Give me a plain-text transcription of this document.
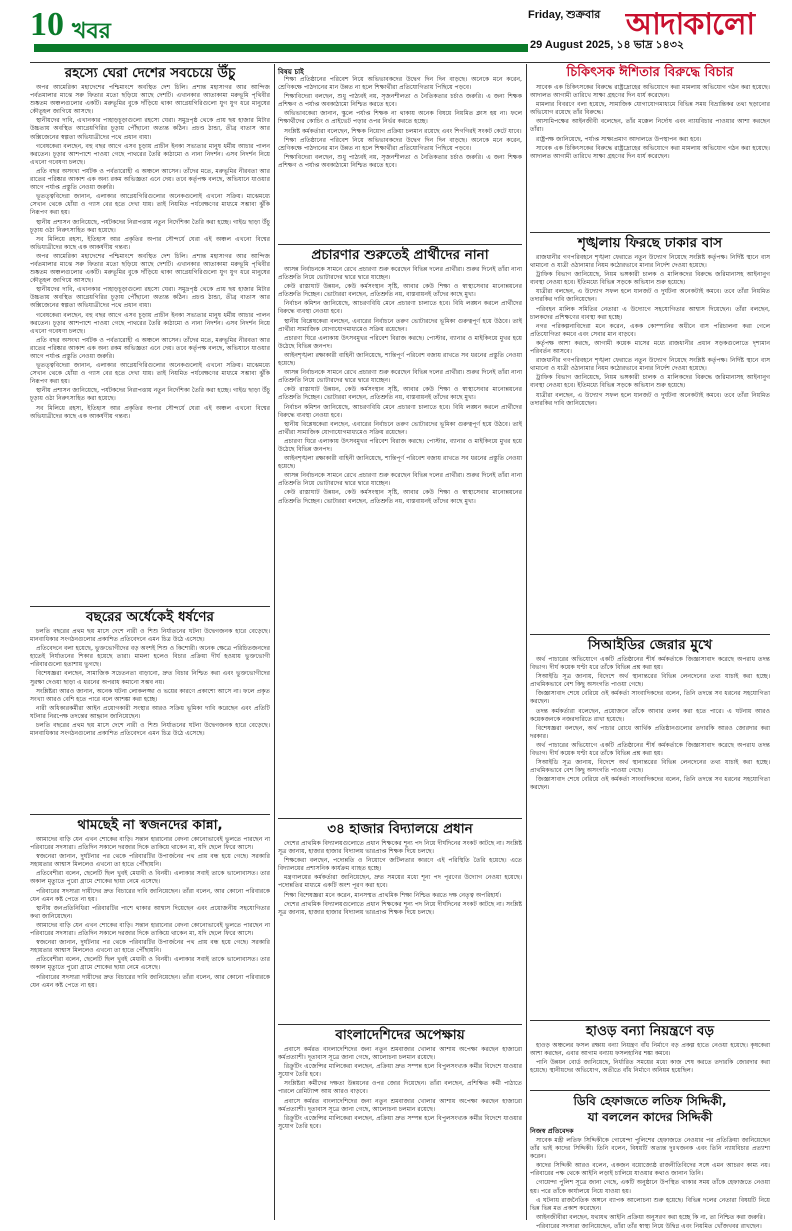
10 খবর
Friday, শুক্রবার
29 August 2025, ১৪ ভাদ্র ১৪৩২
আদাকালো
রহস্যে ঘেরা দেশের সবচেয়ে উঁচু

অপর আমেরিকা মহাদেশের পশ্চিমাংশে অবস্থিত দেশ চিলি। প্রশান্ত মহাসাগর আর আন্দিজ পর্বতমালার মাঝে সরু ফিতার মতো ছড়িয়ে আছে দেশটি। এখানকার আতাকামা মরুভূমি পৃথিবীর শুষ্কতম অঞ্চলগুলোর একটি। মরুভূমির বুকে দাঁড়িয়ে থাকা আগ্নেয়গিরিগুলো যুগ যুগ ধরে মানুষের কৌতূহল জাগিয়ে আসছে।

স্থানীয়দের দাবি, এখানকার পাহাড়চূড়াগুলো রহস্যে ঘেরা। সমুদ্রপৃষ্ঠ থেকে প্রায় ছয় হাজার মিটার উচ্চতায় অবস্থিত আগ্নেয়গিরির চূড়ায় পৌঁছানো অত্যন্ত কঠিন। প্রচণ্ড ঠান্ডা, তীব্র বাতাস আর অক্সিজেনের স্বল্পতা অভিযাত্রীদের পথে প্রধান বাধা।

গবেষকেরা বলছেন, বহু বছর আগে এসব চূড়ায় প্রাচীন ইনকা সভ্যতার মানুষ ধর্মীয় আচার পালন করতেন। চূড়ার আশপাশে পাওয়া গেছে পাথরের তৈরি কাঠামো ও নানা নিদর্শন। এসব নিদর্শন নিয়ে এখনো গবেষণা চলছে।

প্রতি বছর অসংখ্য পর্যটক ও পর্বতারোহী এ অঞ্চলে আসেন। তাঁদের মতে, মরুভূমির নীরবতা আর রাতের পরিষ্কার আকাশ এক অন্য রকম অভিজ্ঞতা এনে দেয়। তবে কর্তৃপক্ষ বলছে, অভিযানে যাওয়ার আগে পর্যাপ্ত প্রস্তুতি নেওয়া জরুরি।

ভূতত্ত্ববিদেরা জানান, এলাকার আগ্নেয়গিরিগুলোর অনেকগুলোই এখনো সক্রিয়। মাঝেমধ্যে সেখান থেকে ধোঁয়া ও গ্যাস বের হতে দেখা যায়। তাই নিয়মিত পর্যবেক্ষণের মাধ্যমে সম্ভাব্য ঝুঁকি নিরূপণ করা হয়।

স্থানীয় প্রশাসন জানিয়েছে, পর্যটকদের নিরাপত্তায় নতুন নির্দেশিকা তৈরি করা হচ্ছে। গাইড ছাড়া উঁচু চূড়ায় ওঠা নিরুৎসাহিত করা হয়েছে।

সব মিলিয়ে রহস্য, ইতিহাস আর প্রকৃতির অপার সৌন্দর্যে ঘেরা এই অঞ্চল এখনো বিশ্বের অভিযাত্রীদের কাছে এক আকর্ষণীয় গন্তব্য।

অপর আমেরিকা মহাদেশের পশ্চিমাংশে অবস্থিত দেশ চিলি। প্রশান্ত মহাসাগর আর আন্দিজ পর্বতমালার মাঝে সরু ফিতার মতো ছড়িয়ে আছে দেশটি। এখানকার আতাকামা মরুভূমি পৃথিবীর শুষ্কতম অঞ্চলগুলোর একটি। মরুভূমির বুকে দাঁড়িয়ে থাকা আগ্নেয়গিরিগুলো যুগ যুগ ধরে মানুষের কৌতূহল জাগিয়ে আসছে।

স্থানীয়দের দাবি, এখানকার পাহাড়চূড়াগুলো রহস্যে ঘেরা। সমুদ্রপৃষ্ঠ থেকে প্রায় ছয় হাজার মিটার উচ্চতায় অবস্থিত আগ্নেয়গিরির চূড়ায় পৌঁছানো অত্যন্ত কঠিন। প্রচণ্ড ঠান্ডা, তীব্র বাতাস আর অক্সিজেনের স্বল্পতা অভিযাত্রীদের পথে প্রধান বাধা।

গবেষকেরা বলছেন, বহু বছর আগে এসব চূড়ায় প্রাচীন ইনকা সভ্যতার মানুষ ধর্মীয় আচার পালন করতেন। চূড়ার আশপাশে পাওয়া গেছে পাথরের তৈরি কাঠামো ও নানা নিদর্শন। এসব নিদর্শন নিয়ে এখনো গবেষণা চলছে।

প্রতি বছর অসংখ্য পর্যটক ও পর্বতারোহী এ অঞ্চলে আসেন। তাঁদের মতে, মরুভূমির নীরবতা আর রাতের পরিষ্কার আকাশ এক অন্য রকম অভিজ্ঞতা এনে দেয়। তবে কর্তৃপক্ষ বলছে, অভিযানে যাওয়ার আগে পর্যাপ্ত প্রস্তুতি নেওয়া জরুরি।

ভূতত্ত্ববিদেরা জানান, এলাকার আগ্নেয়গিরিগুলোর অনেকগুলোই এখনো সক্রিয়। মাঝেমধ্যে সেখান থেকে ধোঁয়া ও গ্যাস বের হতে দেখা যায়। তাই নিয়মিত পর্যবেক্ষণের মাধ্যমে সম্ভাব্য ঝুঁকি নিরূপণ করা হয়।

স্থানীয় প্রশাসন জানিয়েছে, পর্যটকদের নিরাপত্তায় নতুন নির্দেশিকা তৈরি করা হচ্ছে। গাইড ছাড়া উঁচু চূড়ায় ওঠা নিরুৎসাহিত করা হয়েছে।

সব মিলিয়ে রহস্য, ইতিহাস আর প্রকৃতির অপার সৌন্দর্যে ঘেরা এই অঞ্চল এখনো বিশ্বের অভিযাত্রীদের কাছে এক আকর্ষণীয় গন্তব্য।

বছরের অর্ধেকেই ধর্ষণের

চলতি বছরের প্রথম ছয় মাসে দেশে নারী ও শিশু নির্যাতনের ঘটনা উদ্বেগজনক হারে বেড়েছে। মানবাধিকার সংগঠনগুলোর প্রকাশিত প্রতিবেদনে এমন চিত্র উঠে এসেছে।

প্রতিবেদনে বলা হয়েছে, ভুক্তভোগীদের বড় অংশই শিশু ও কিশোরী। অনেক ক্ষেত্রে পরিচিতজনদের হাতেই নির্যাতনের শিকার হয়েছে তারা। মামলা হলেও বিচার প্রক্রিয়া দীর্ঘ হওয়ায় ভুক্তভোগী পরিবারগুলো হতাশায় ভুগছে।

বিশেষজ্ঞরা বলছেন, সামাজিক সচেতনতা বাড়ানো, দ্রুত বিচার নিশ্চিত করা এবং ভুক্তভোগীদের সুরক্ষা দেওয়া ছাড়া এ ধরনের অপরাধ কমানো সম্ভব নয়।

সংশ্লিষ্টরা আরও জানান, অনেক ঘটনা লোকলজ্জা ও ভয়ের কারণে প্রকাশ্যে আসে না। ফলে প্রকৃত সংখ্যা আরও বেশি হতে পারে বলে আশঙ্কা করা হচ্ছে।

নারী অধিকারকর্মীরা আইন প্রয়োগকারী সংস্থার আরও সক্রিয় ভূমিকা দাবি করেছেন এবং প্রতিটি ঘটনার নিরপেক্ষ তদন্তের আহ্বান জানিয়েছেন।

চলতি বছরের প্রথম ছয় মাসে দেশে নারী ও শিশু নির্যাতনের ঘটনা উদ্বেগজনক হারে বেড়েছে। মানবাধিকার সংগঠনগুলোর প্রকাশিত প্রতিবেদনে এমন চিত্র উঠে এসেছে।

থামছেই না স্বজনদের কান্না,

আমাদের বাড়ি যেন এখন শোকের বাড়ি। সন্তান হারানোর বেদনা কোনোভাবেই ভুলতে পারছেন না পরিবারের সদস্যরা। প্রতিদিন সকালে দরজার দিকে তাকিয়ে থাকেন মা, যদি ছেলে ফিরে আসে।

স্বজনেরা জানান, দুর্ঘটনার পর থেকে পরিবারটির উপার্জনের পথ প্রায় বন্ধ হয়ে গেছে। সরকারি সহায়তার আশ্বাস মিললেও এখনো তা হাতে পৌঁছায়নি।

প্রতিবেশীরা বলেন, ছেলেটি ছিল খুবই মেধাবী ও বিনয়ী। এলাকার সবাই তাকে ভালোবাসত। তার অকাল মৃত্যুতে পুরো গ্রামে শোকের ছায়া নেমে এসেছে।

পরিবারের সদস্যরা দায়ীদের দ্রুত বিচারের দাবি জানিয়েছেন। তাঁরা বলেন, আর কোনো পরিবারকে যেন এমন কষ্ট পেতে না হয়।

স্থানীয় জনপ্রতিনিধিরা পরিবারটির পাশে থাকার আশ্বাস দিয়েছেন এবং প্রয়োজনীয় সহযোগিতার কথা জানিয়েছেন।

আমাদের বাড়ি যেন এখন শোকের বাড়ি। সন্তান হারানোর বেদনা কোনোভাবেই ভুলতে পারছেন না পরিবারের সদস্যরা। প্রতিদিন সকালে দরজার দিকে তাকিয়ে থাকেন মা, যদি ছেলে ফিরে আসে।

স্বজনেরা জানান, দুর্ঘটনার পর থেকে পরিবারটির উপার্জনের পথ প্রায় বন্ধ হয়ে গেছে। সরকারি সহায়তার আশ্বাস মিললেও এখনো তা হাতে পৌঁছায়নি।

প্রতিবেশীরা বলেন, ছেলেটি ছিল খুবই মেধাবী ও বিনয়ী। এলাকার সবাই তাকে ভালোবাসত। তার অকাল মৃত্যুতে পুরো গ্রামে শোকের ছায়া নেমে এসেছে।

পরিবারের সদস্যরা দায়ীদের দ্রুত বিচারের দাবি জানিয়েছেন। তাঁরা বলেন, আর কোনো পরিবারকে যেন এমন কষ্ট পেতে না হয়।

বিষয় চাই

শিক্ষা প্রতিষ্ঠানের পরিবেশ নিয়ে অভিভাবকদের উদ্বেগ দিন দিন বাড়ছে। অনেকে মনে করেন, শ্রেণিকক্ষে পাঠদানের মান উন্নত না হলে শিক্ষার্থীরা প্রতিযোগিতায় পিছিয়ে পড়বে।

শিক্ষাবিদেরা বলছেন, শুধু পাঠ্যবই নয়, সৃজনশীলতা ও নৈতিকতার চর্চাও জরুরি। এ জন্য শিক্ষক প্রশিক্ষণ ও পর্যাপ্ত অবকাঠামো নিশ্চিত করতে হবে।

অভিভাবকেরা জানান, স্কুলে পর্যাপ্ত শিক্ষক না থাকায় অনেক বিষয়ে নিয়মিত ক্লাস হয় না। ফলে শিক্ষার্থীদের কোচিং ও প্রাইভেট পড়ার ওপর নির্ভর করতে হচ্ছে।

সংশ্লিষ্ট কর্মকর্তারা বলেছেন, শিক্ষক নিয়োগ প্রক্রিয়া চলমান রয়েছে এবং শিগগিরই সংকট কেটে যাবে।

শিক্ষা প্রতিষ্ঠানের পরিবেশ নিয়ে অভিভাবকদের উদ্বেগ দিন দিন বাড়ছে। অনেকে মনে করেন, শ্রেণিকক্ষে পাঠদানের মান উন্নত না হলে শিক্ষার্থীরা প্রতিযোগিতায় পিছিয়ে পড়বে।

শিক্ষাবিদেরা বলছেন, শুধু পাঠ্যবই নয়, সৃজনশীলতা ও নৈতিকতার চর্চাও জরুরি। এ জন্য শিক্ষক প্রশিক্ষণ ও পর্যাপ্ত অবকাঠামো নিশ্চিত করতে হবে।

প্রচারণার শুরুতেই প্রার্থীদের নানা

আসন্ন নির্বাচনকে সামনে রেখে প্রচারণা শুরু করেছেন বিভিন্ন দলের প্রার্থীরা। শুরুর দিনেই তাঁরা নানা প্রতিশ্রুতি নিয়ে ভোটারদের দ্বারে দ্বারে যাচ্ছেন।

কেউ রাস্তাঘাট উন্নয়ন, কেউ কর্মসংস্থান সৃষ্টি, আবার কেউ শিক্ষা ও স্বাস্থ্যসেবার মানোন্নয়নের প্রতিশ্রুতি দিচ্ছেন। ভোটাররা বলছেন, প্রতিশ্রুতি নয়, বাস্তবায়নই তাঁদের কাছে মুখ্য।

নির্বাচন কমিশন জানিয়েছে, আচরণবিধি মেনে প্রচারণা চালাতে হবে। বিধি লঙ্ঘন করলে প্রার্থীদের বিরুদ্ধে ব্যবস্থা নেওয়া হবে।

স্থানীয় বিশ্লেষকেরা বলছেন, এবারের নির্বাচনে তরুণ ভোটারদের ভূমিকা গুরুত্বপূর্ণ হয়ে উঠবে। তাই প্রার্থীরা সামাজিক যোগাযোগমাধ্যমেও সক্রিয় রয়েছেন।

প্রচারণা ঘিরে এলাকায় উৎসবমুখর পরিবেশ বিরাজ করছে। পোস্টার, ব্যানার ও মাইকিংয়ে মুখর হয়ে উঠেছে বিভিন্ন জনপদ।

আইনশৃঙ্খলা রক্ষাকারী বাহিনী জানিয়েছে, শান্তিপূর্ণ পরিবেশ বজায় রাখতে সব ধরনের প্রস্তুতি নেওয়া হয়েছে।

আসন্ন নির্বাচনকে সামনে রেখে প্রচারণা শুরু করেছেন বিভিন্ন দলের প্রার্থীরা। শুরুর দিনেই তাঁরা নানা প্রতিশ্রুতি নিয়ে ভোটারদের দ্বারে দ্বারে যাচ্ছেন।

কেউ রাস্তাঘাট উন্নয়ন, কেউ কর্মসংস্থান সৃষ্টি, আবার কেউ শিক্ষা ও স্বাস্থ্যসেবার মানোন্নয়নের প্রতিশ্রুতি দিচ্ছেন। ভোটাররা বলছেন, প্রতিশ্রুতি নয়, বাস্তবায়নই তাঁদের কাছে মুখ্য।

নির্বাচন কমিশন জানিয়েছে, আচরণবিধি মেনে প্রচারণা চালাতে হবে। বিধি লঙ্ঘন করলে প্রার্থীদের বিরুদ্ধে ব্যবস্থা নেওয়া হবে।

স্থানীয় বিশ্লেষকেরা বলছেন, এবারের নির্বাচনে তরুণ ভোটারদের ভূমিকা গুরুত্বপূর্ণ হয়ে উঠবে। তাই প্রার্থীরা সামাজিক যোগাযোগমাধ্যমেও সক্রিয় রয়েছেন।

প্রচারণা ঘিরে এলাকায় উৎসবমুখর পরিবেশ বিরাজ করছে। পোস্টার, ব্যানার ও মাইকিংয়ে মুখর হয়ে উঠেছে বিভিন্ন জনপদ।

আইনশৃঙ্খলা রক্ষাকারী বাহিনী জানিয়েছে, শান্তিপূর্ণ পরিবেশ বজায় রাখতে সব ধরনের প্রস্তুতি নেওয়া হয়েছে।

আসন্ন নির্বাচনকে সামনে রেখে প্রচারণা শুরু করেছেন বিভিন্ন দলের প্রার্থীরা। শুরুর দিনেই তাঁরা নানা প্রতিশ্রুতি নিয়ে ভোটারদের দ্বারে দ্বারে যাচ্ছেন।

কেউ রাস্তাঘাট উন্নয়ন, কেউ কর্মসংস্থান সৃষ্টি, আবার কেউ শিক্ষা ও স্বাস্থ্যসেবার মানোন্নয়নের প্রতিশ্রুতি দিচ্ছেন। ভোটাররা বলছেন, প্রতিশ্রুতি নয়, বাস্তবায়নই তাঁদের কাছে মুখ্য।

৩৪ হাজার বিদ্যালয়ে প্রধান

দেশের প্রাথমিক বিদ্যালয়গুলোতে প্রধান শিক্ষকের শূন্য পদ নিয়ে দীর্ঘদিনের সংকট কাটছে না। সংশ্লিষ্ট সূত্র জানায়, হাজার হাজার বিদ্যালয় ভারপ্রাপ্ত শিক্ষক দিয়ে চলছে।

শিক্ষকেরা বলছেন, পদোন্নতি ও নিয়োগে জটিলতার কারণে এই পরিস্থিতি তৈরি হয়েছে। এতে বিদ্যালয়ের প্রশাসনিক কার্যক্রম ব্যাহত হচ্ছে।

মন্ত্রণালয়ের কর্মকর্তারা জানিয়েছেন, দ্রুত সময়ের মধ্যে শূন্য পদ পূরণের উদ্যোগ নেওয়া হয়েছে। পদোন্নতির মাধ্যমে একটি অংশ পূরণ করা হবে।

শিক্ষা বিশেষজ্ঞরা মনে করেন, মানসম্মত প্রাথমিক শিক্ষা নিশ্চিত করতে দক্ষ নেতৃত্ব অপরিহার্য।

দেশের প্রাথমিক বিদ্যালয়গুলোতে প্রধান শিক্ষকের শূন্য পদ নিয়ে দীর্ঘদিনের সংকট কাটছে না। সংশ্লিষ্ট সূত্র জানায়, হাজার হাজার বিদ্যালয় ভারপ্রাপ্ত শিক্ষক দিয়ে চলছে।

বাংলাদেশিদের অপেক্ষায়

প্রবাসে কর্মরত বাংলাদেশিদের জন্য নতুন শ্রমবাজার খোলার আশায় অপেক্ষা করছেন হাজারো কর্মপ্রত্যাশী। দূতাবাস সূত্রে জানা গেছে, আলোচনা চলমান রয়েছে।

রিক্রুটিং এজেন্সির মালিকেরা বলছেন, প্রক্রিয়া দ্রুত সম্পন্ন হলে বিপুলসংখ্যক কর্মীর বিদেশে যাওয়ার সুযোগ তৈরি হবে।

সংশ্লিষ্টরা কর্মীদের দক্ষতা উন্নয়নের ওপর জোর দিয়েছেন। তাঁরা বলছেন, প্রশিক্ষিত কর্মী পাঠাতে পারলে রেমিট্যান্স আয় আরও বাড়বে।

প্রবাসে কর্মরত বাংলাদেশিদের জন্য নতুন শ্রমবাজার খোলার আশায় অপেক্ষা করছেন হাজারো কর্মপ্রত্যাশী। দূতাবাস সূত্রে জানা গেছে, আলোচনা চলমান রয়েছে।

রিক্রুটিং এজেন্সির মালিকেরা বলছেন, প্রক্রিয়া দ্রুত সম্পন্ন হলে বিপুলসংখ্যক কর্মীর বিদেশে যাওয়ার সুযোগ তৈরি হবে।

চিকিৎসক ঈশিতার বিরুদ্ধে বিচার

সাবেক এক চিকিৎসকের বিরুদ্ধে রাষ্ট্রদ্রোহের অভিযোগে করা মামলায় অভিযোগ গঠন করা হয়েছে। আদালত আগামী তারিখে সাক্ষ্য গ্রহণের দিন ধার্য করেছেন।

মামলার বিবরণে বলা হয়েছে, সামাজিক যোগাযোগমাধ্যমে বিভিন্ন সময় বিভ্রান্তিকর তথ্য ছড়ানোর অভিযোগ রয়েছে তাঁর বিরুদ্ধে।

আসামিপক্ষের আইনজীবী বলেছেন, তাঁর মক্কেল নির্দোষ এবং ন্যায়বিচার পাওয়ার আশা করছেন তাঁরা।

রাষ্ট্রপক্ষ জানিয়েছে, পর্যাপ্ত সাক্ষ্যপ্রমাণ আদালতে উপস্থাপন করা হবে।

সাবেক এক চিকিৎসকের বিরুদ্ধে রাষ্ট্রদ্রোহের অভিযোগে করা মামলায় অভিযোগ গঠন করা হয়েছে। আদালত আগামী তারিখে সাক্ষ্য গ্রহণের দিন ধার্য করেছেন।

শৃঙ্খলায় ফিরছে ঢাকার বাস

রাজধানীর গণপরিবহনে শৃঙ্খলা ফেরাতে নতুন উদ্যোগ নিয়েছে সংশ্লিষ্ট কর্তৃপক্ষ। নির্দিষ্ট স্থানে বাস থামানো ও যাত্রী ওঠানামার নিয়ম কঠোরভাবে মানার নির্দেশ দেওয়া হয়েছে।

ট্রাফিক বিভাগ জানিয়েছে, নিয়ম ভঙ্গকারী চালক ও মালিকদের বিরুদ্ধে জরিমানাসহ আইনানুগ ব্যবস্থা নেওয়া হবে। ইতিমধ্যে বিভিন্ন সড়কে অভিযান শুরু হয়েছে।

যাত্রীরা বলছেন, এ উদ্যোগ সফল হলে যানজট ও দুর্ঘটনা অনেকটাই কমবে। তবে তাঁরা নিয়মিত তদারকির দাবি জানিয়েছেন।

পরিবহন মালিক সমিতির নেতারা এ উদ্যোগে সহযোগিতার আশ্বাস দিয়েছেন। তাঁরা বলছেন, চালকদের প্রশিক্ষণের ব্যবস্থা করা হচ্ছে।

নগর পরিকল্পনাবিদেরা মনে করেন, একক কোম্পানির অধীনে বাস পরিচালনা করা গেলে প্রতিযোগিতা কমবে এবং সেবার মান বাড়বে।

কর্তৃপক্ষ আশা করছে, আগামী কয়েক মাসের মধ্যে রাজধানীর প্রধান সড়কগুলোতে দৃশ্যমান পরিবর্তন আসবে।

রাজধানীর গণপরিবহনে শৃঙ্খলা ফেরাতে নতুন উদ্যোগ নিয়েছে সংশ্লিষ্ট কর্তৃপক্ষ। নির্দিষ্ট স্থানে বাস থামানো ও যাত্রী ওঠানামার নিয়ম কঠোরভাবে মানার নির্দেশ দেওয়া হয়েছে।

ট্রাফিক বিভাগ জানিয়েছে, নিয়ম ভঙ্গকারী চালক ও মালিকদের বিরুদ্ধে জরিমানাসহ আইনানুগ ব্যবস্থা নেওয়া হবে। ইতিমধ্যে বিভিন্ন সড়কে অভিযান শুরু হয়েছে।

যাত্রীরা বলছেন, এ উদ্যোগ সফল হলে যানজট ও দুর্ঘটনা অনেকটাই কমবে। তবে তাঁরা নিয়মিত তদারকির দাবি জানিয়েছেন।

সিআইডির জেরার মুখে

অর্থ পাচারের অভিযোগে একটি প্রতিষ্ঠানের শীর্ষ কর্মকর্তাকে জিজ্ঞাসাবাদ করেছে অপরাধ তদন্ত বিভাগ। দীর্ঘ কয়েক ঘণ্টা ধরে তাঁকে বিভিন্ন প্রশ্ন করা হয়।

সিআইডি সূত্র জানায়, বিদেশে অর্থ স্থানান্তরের বিভিন্ন লেনদেনের তথ্য যাচাই করা হচ্ছে। প্রাথমিকভাবে বেশ কিছু অসংগতি পাওয়া গেছে।

জিজ্ঞাসাবাদ শেষে বেরিয়ে ওই কর্মকর্তা সাংবাদিকদের বলেন, তিনি তদন্তে সব ধরনের সহযোগিতা করছেন।

তদন্ত কর্মকর্তারা বলেছেন, প্রয়োজনে তাঁকে আবার তলব করা হতে পারে। এ ঘটনায় আরও কয়েকজনকে নজরদারিতে রাখা হয়েছে।

বিশেষজ্ঞরা বলছেন, অর্থ পাচার রোধে আর্থিক প্রতিষ্ঠানগুলোর তদারকি আরও জোরদার করা দরকার।

অর্থ পাচারের অভিযোগে একটি প্রতিষ্ঠানের শীর্ষ কর্মকর্তাকে জিজ্ঞাসাবাদ করেছে অপরাধ তদন্ত বিভাগ। দীর্ঘ কয়েক ঘণ্টা ধরে তাঁকে বিভিন্ন প্রশ্ন করা হয়।

সিআইডি সূত্র জানায়, বিদেশে অর্থ স্থানান্তরের বিভিন্ন লেনদেনের তথ্য যাচাই করা হচ্ছে। প্রাথমিকভাবে বেশ কিছু অসংগতি পাওয়া গেছে।

জিজ্ঞাসাবাদ শেষে বেরিয়ে ওই কর্মকর্তা সাংবাদিকদের বলেন, তিনি তদন্তে সব ধরনের সহযোগিতা করছেন।

হাওড় বন্যা নিয়ন্ত্রণে বড়

হাওড় অঞ্চলের ফসল রক্ষায় বন্যা নিয়ন্ত্রণ বাঁধ নির্মাণে বড় প্রকল্প হাতে নেওয়া হয়েছে। কৃষকেরা আশা করছেন, এবার আগাম বন্যায় ফসলহানির শঙ্কা কমবে।

পানি উন্নয়ন বোর্ড জানিয়েছে, নির্ধারিত সময়ের মধ্যে কাজ শেষ করতে তদারকি জোরদার করা হয়েছে। স্থানীয়দের অভিযোগ, অতীতে বাঁধ নির্মাণে অনিয়ম হয়েছিল।

ডিবি হেফাজতে লতিফ সিদ্দিকী,
যা বললেন কাদের সিদ্দিকী
নিজস্ব প্রতিবেদক

সাবেক মন্ত্রী লতিফ সিদ্দিকীকে গোয়েন্দা পুলিশের হেফাজতে নেওয়ার পর প্রতিক্রিয়া জানিয়েছেন তাঁর ভাই কাদের সিদ্দিকী। তিনি বলেন, বিষয়টি অত্যন্ত দুঃখজনক এবং তিনি ন্যায়বিচার প্রত্যাশা করেন।

কাদের সিদ্দিকী আরও বলেন, একজন বয়োজ্যেষ্ঠ রাজনীতিবিদের সঙ্গে এমন আচরণ কাম্য নয়। পরিবারের পক্ষ থেকে আইনি লড়াই চালিয়ে যাওয়ার কথাও জানান তিনি।

গোয়েন্দা পুলিশ সূত্রে জানা গেছে, একটি অনুষ্ঠানে উপস্থিত থাকার সময় তাঁকে হেফাজতে নেওয়া হয়। পরে তাঁকে কার্যালয়ে নিয়ে যাওয়া হয়।

এ ঘটনায় রাজনৈতিক অঙ্গনে ব্যাপক আলোচনা শুরু হয়েছে। বিভিন্ন দলের নেতারা বিষয়টি নিয়ে ভিন্ন ভিন্ন মত প্রকাশ করেছেন।

আইনজীবীরা বলছেন, যথাযথ আইনি প্রক্রিয়া অনুসরণ করা হচ্ছে কি না, তা নিশ্চিত করা জরুরি।

পরিবারের সদস্যরা জানিয়েছেন, তাঁরা তাঁর স্বাস্থ্য নিয়ে উদ্বিগ্ন এবং নিয়মিত খোঁজখবর রাখছেন।
